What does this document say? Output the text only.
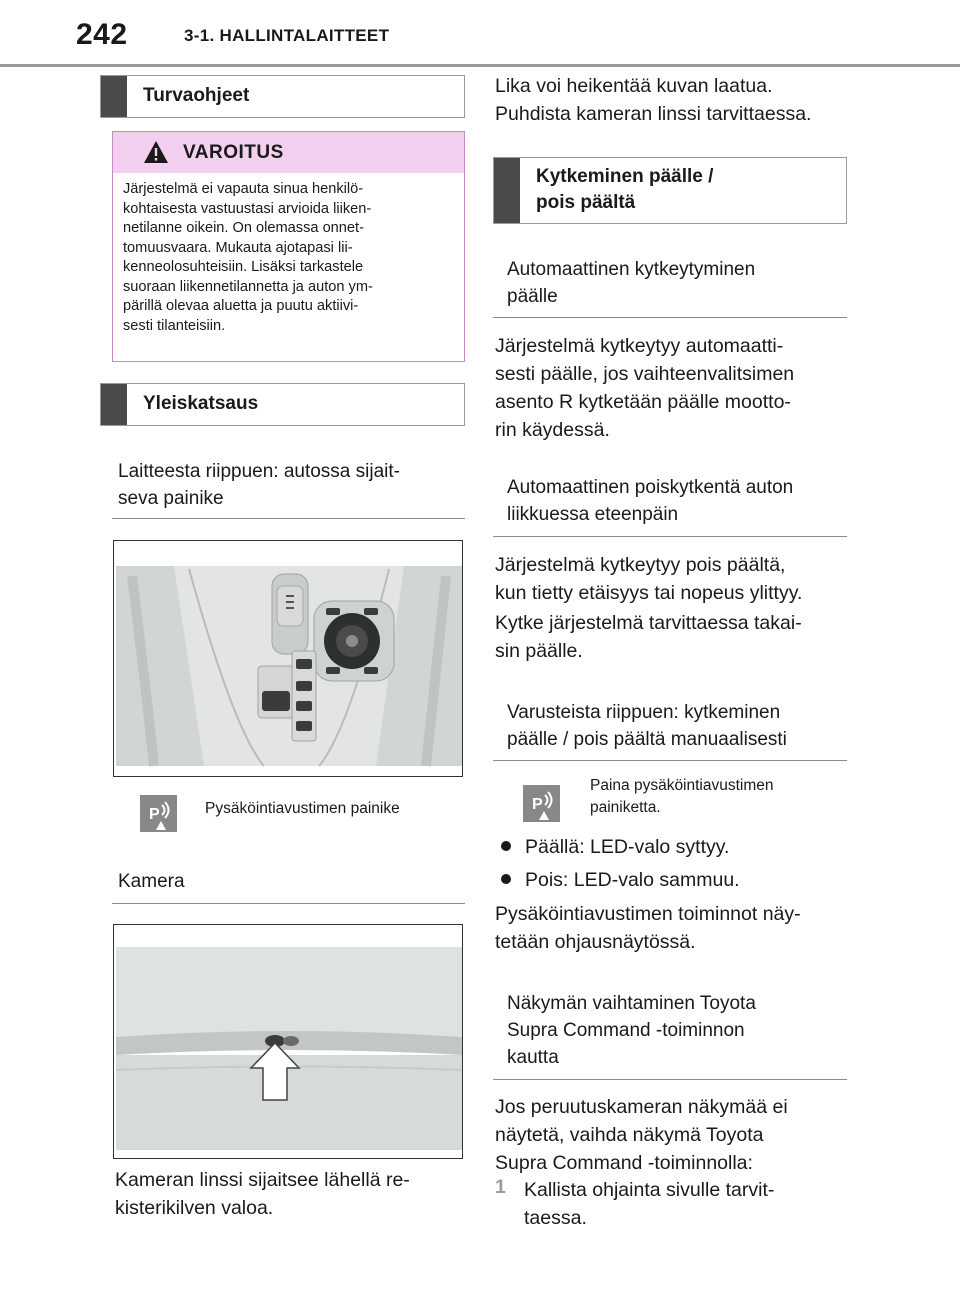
242	3-1. HALLINTALAITTEET
Turvaohjeet
VAROITUS
Järjestelmä ei vapauta sinua henkilö-
kohtaisesta vastuustasi arvioida liiken-
netilanne oikein. On olemassa onnet-
tomuusvaara. Mukauta ajotapasi lii-
kenneolosuhteisiin. Lisäksi tarkastele
suoraan liikennetilannetta ja auton ym-
pärillä olevaa aluetta ja puutu aktiivi-
sesti tilanteisiin.
Yleiskatsaus
Laitteesta riippuen: autossa sijait-
seva painike
P	Pysäköintiavustimen painike
Kamera
Kameran linssi sijaitsee lähellä re-
kisterikilven valoa.
Lika voi heikentää kuvan laatua.
Puhdista kameran linssi tarvittaessa.
Kytkeminen päälle /
pois päältä
Automaattinen kytkeytyminen
päälle
Järjestelmä kytkeytyy automaatti-
sesti päälle, jos vaihteenvalitsimen
asento R kytketään päälle mootto-
rin käydessä.
Automaattinen poiskytkentä auton
liikkuessa eteenpäin
Järjestelmä kytkeytyy pois päältä,
kun tietty etäisyys tai nopeus ylittyy.
Kytke järjestelmä tarvittaessa takai-
sin päälle.
Varusteista riippuen: kytkeminen
päälle / pois päältä manuaalisesti
P
Paina pysäköintiavustimen
painiketta.
Päällä: LED-valo syttyy.
Pois: LED-valo sammuu.
Pysäköintiavustimen toiminnot näy-
tetään ohjausnäytössä.
Näkymän vaihtaminen Toyota
Supra Command -toiminnon
kautta
Jos peruutuskameran näkymää ei
näytetä, vaihda näkymä Toyota
Supra Command -toiminnolla:
1 Kallista ohjainta sivulle tarvit-
taessa.
